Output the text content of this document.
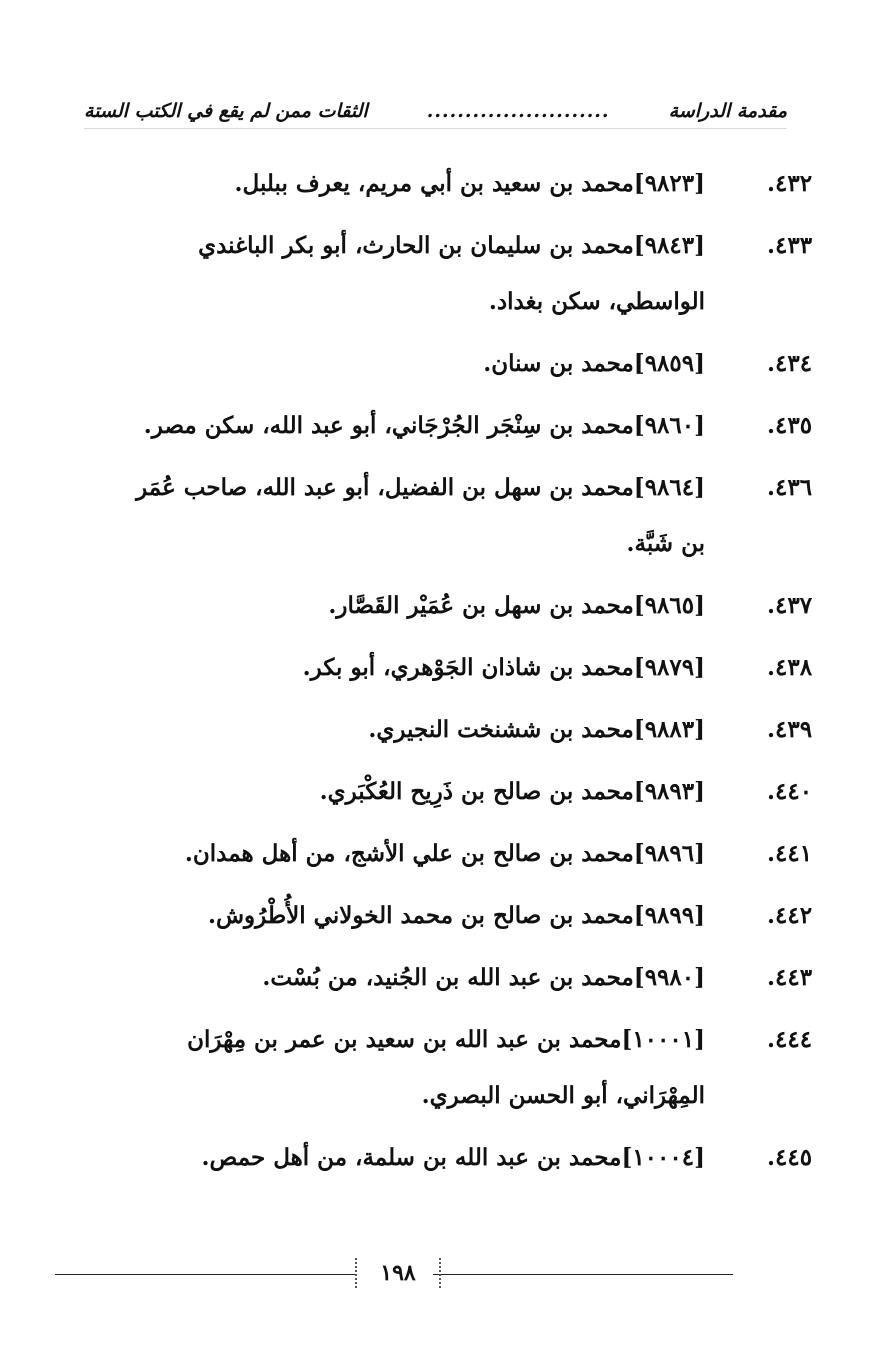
مقدمة الدراسة
........................
الثقات ممن لم يقع في الكتب الستة
٤٣٢.
[٩٨٢٣]محمد بن سعيد بن أبي مريم، يعرف ببلبل.
٤٣٣.
[٩٨٤٣]محمد بن سليمان بن الحارث، أبو بكر الباغندي
الواسطي، سكن بغداد.
٤٣٤.
[٩٨٥٩]محمد بن سنان.
٤٣٥.
[٩٨٦٠]محمد بن سِنْجَر الجُرْجَاني، أبو عبد الله، سكن مصر.
٤٣٦.
[٩٨٦٤]محمد بن سهل بن الفضيل، أبو عبد الله، صاحب عُمَر
بن شَبَّة.
٤٣٧.
[٩٨٦٥]محمد بن سهل بن عُمَيْر القَصَّار.
٤٣٨.
[٩٨٧٩]محمد بن شاذان الجَوْهري، أبو بكر.
٤٣٩.
[٩٨٨٣]محمد بن ششنخت النجيري.
٤٤٠.
[٩٨٩٣]محمد بن صالح بن ذَرِيح العُكْبَري.
٤٤١.
[٩٨٩٦]محمد بن صالح بن علي الأشج، من أهل همدان.
٤٤٢.
[٩٨٩٩]محمد بن صالح بن محمد الخولاني الأُطْرُوش.
٤٤٣.
[٩٩٨٠]محمد بن عبد الله بن الجُنيد، من بُسْت.
٤٤٤.
[١٠٠٠١]محمد بن عبد الله بن سعيد بن عمر بن مِهْرَان
المِهْرَاني، أبو الحسن البصري.
٤٤٥.
[١٠٠٠٤]محمد بن عبد الله بن سلمة، من أهل حمص.
١٩٨
